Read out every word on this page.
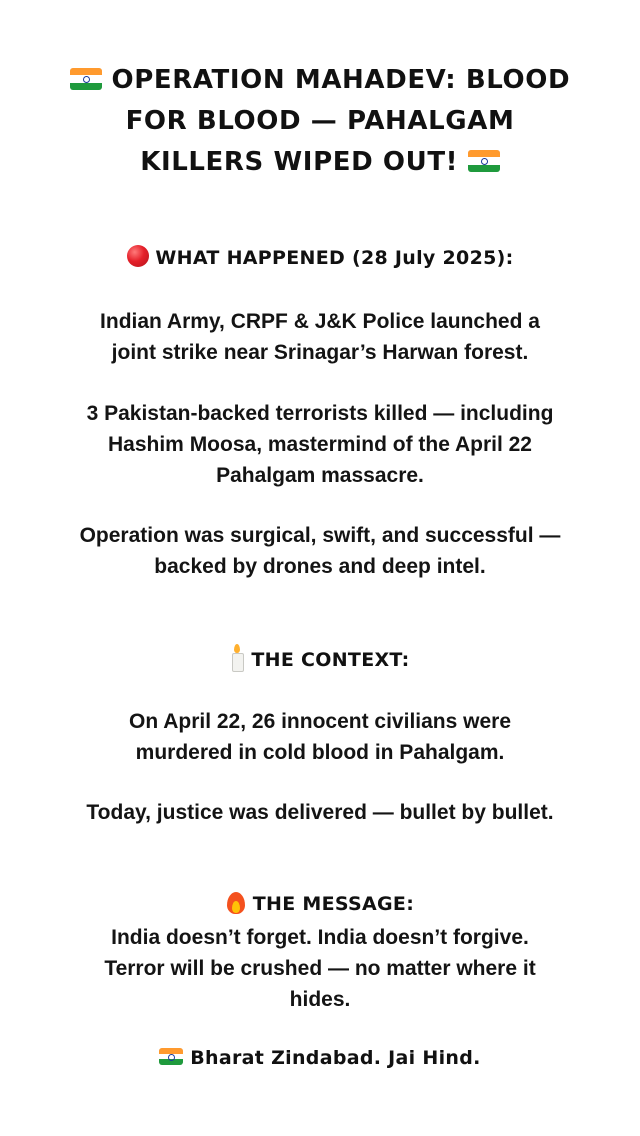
OPERATION MAHADEV: BLOOD
FOR BLOOD — PAHALGAM
KILLERS WIPED OUT!
WHAT HAPPENED (28 July 2025):
Indian Army, CRPF & J&K Police launched a
joint strike near Srinagar’s Harwan forest.
3 Pakistan-backed terrorists killed — including
Hashim Moosa, mastermind of the April 22
Pahalgam massacre.
Operation was surgical, swift, and successful —
backed by drones and deep intel.
THE CONTEXT:
On April 22, 26 innocent civilians were
murdered in cold blood in Pahalgam.
Today, justice was delivered — bullet by bullet.
THE MESSAGE:
India doesn’t forget. India doesn’t forgive.
Terror will be crushed — no matter where it
hides.
Bharat Zindabad. Jai Hind.
